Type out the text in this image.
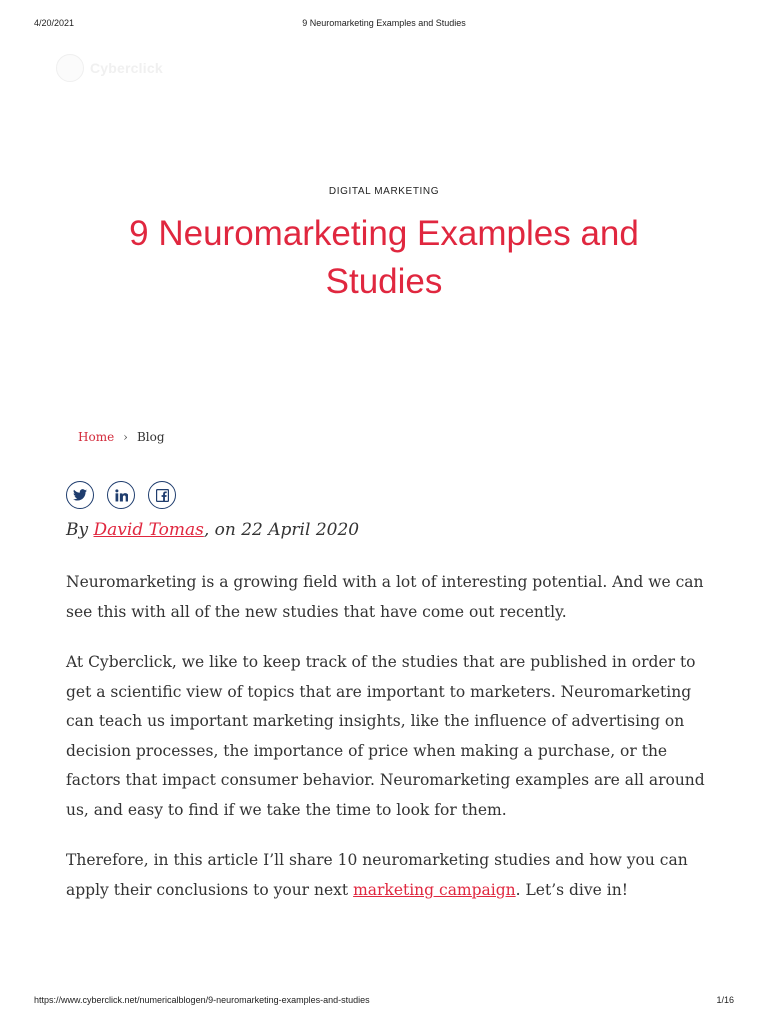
4/20/2021	9 Neuromarketing Examples and Studies
Cyberclick
DIGITAL MARKETING
9 Neuromarketing Examples and Studies
Home › Blog
By David Tomas, on 22 April 2020

Neuromarketing is a growing field with a lot of interesting potential. And we can see this with all of the new studies that have come out recently.

At Cyberclick, we like to keep track of the studies that are published in order to get a scientific view of topics that are important to marketers. Neuromarketing can teach us important marketing insights, like the influence of advertising on decision processes, the importance of price when making a purchase, or the factors that impact consumer behavior. Neuromarketing examples are all around us, and easy to find if we take the time to look for them.

Therefore, in this article I’ll share 10 neuromarketing studies and how you can apply their conclusions to your next marketing campaign. Let’s dive in!

https://www.cyberclick.net/numericalblogen/9-neuromarketing-examples-and-studies	1/16
